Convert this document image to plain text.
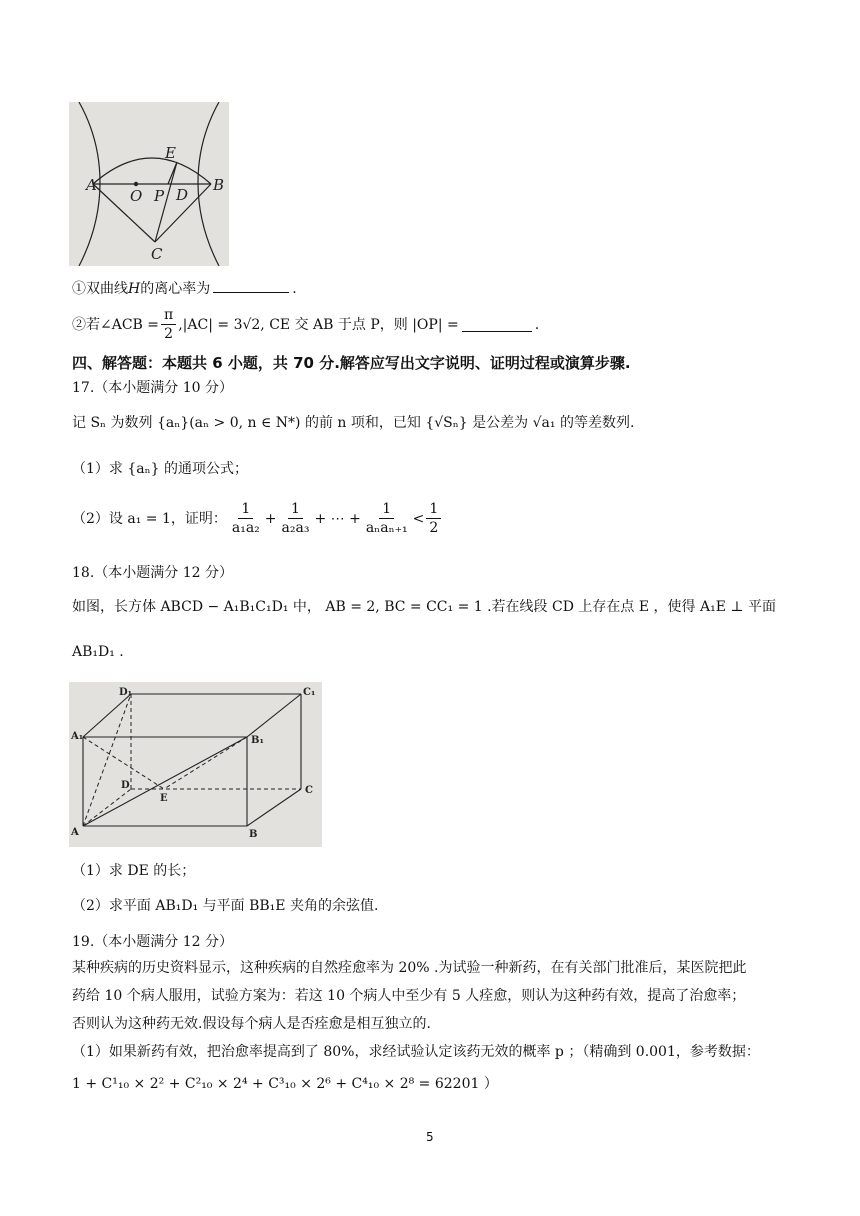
A	B
C
D
E
O P
①双曲线H的离心率为	.
②若∠ACB = $\frac{\pi}{2} ,|AC| = 3√2$, CE 交 AB 于点 P，则 |OP| =	.
四、解答题：本题共 6 小题，共 70 分.解答应写出文字说明、证明过程或演算步骤.
17.（本小题满分 10 分）
记 Sₙ 为数列 {aₙ}(aₙ > 0, n ∈ N*) 的前 n 项和，已知 {√Sₙ} 是公差为 √a₁ 的等差数列.
（1）求 {aₙ} 的通项公式；
（2）设 a₁ = 1，证明： $\frac{1}{\text{a₁a₂}} + \frac{1}{\text{a₂a₃}}$ + ⋯ + $\frac{1}{\text{aₙaₙ₊₁}} < \frac{1}{2}$
18.（本小题满分 12 分）
如图，长方体 ABCD − A₁B₁C₁D₁ 中， AB = 2, BC = CC₁ = 1 .若在线段 CD 上存在点 E ，使得 A₁E ⊥ 平面
AB₁D₁ .
A	B
C
D
E
A₁	B₁
C₁
D₁
（1）求 DE 的长；
（2）求平面 AB₁D₁ 与平面 BB₁E 夹角的余弦值.
19.（本小题满分 12 分）
某种疾病的历史资料显示，这种疾病的自然痊愈率为 20% .为试验一种新药，在有关部门批准后，某医院把此
药给 10 个病人服用，试验方案为：若这 10 个病人中至少有 5 人痊愈，则认为这种药有效，提高了治愈率；
否则认为这种药无效.假设每个病人是否痊愈是相互独立的.
（1）如果新药有效，把治愈率提高到了 80%，求经试验认定该药无效的概率 p ；（精确到 0.001，参考数据：
1 + C¹₁₀ × 2² + C²₁₀ × 2⁴ + C³₁₀ × 2⁶ + C⁴₁₀ × 2⁸ = 62201 ）
5
